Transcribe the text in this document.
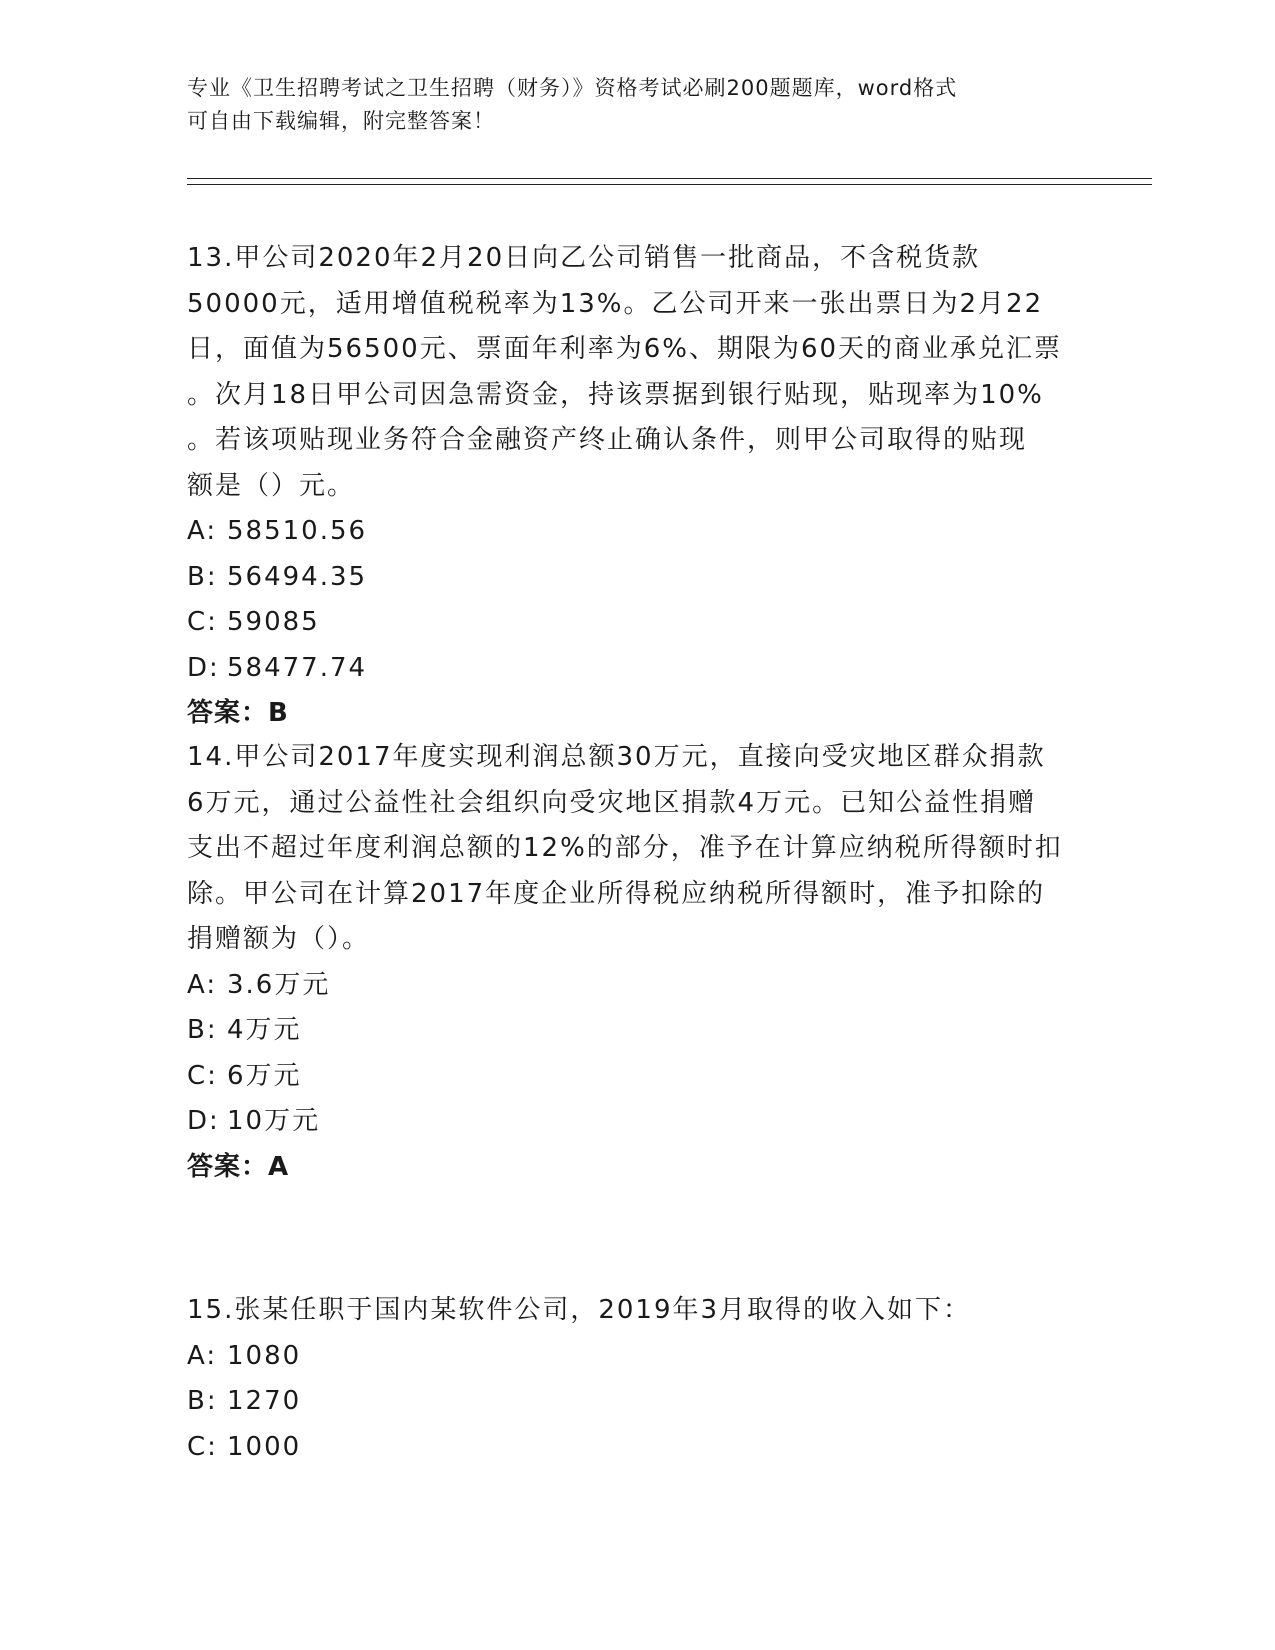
专业《卫生招聘考试之卫生招聘（财务）》资格考试必刷200题题库，word格式
可自由下载编辑，附完整答案！
13.甲公司2020年2月20日向乙公司销售一批商品，不含税货款
50000元，适用增值税税率为13%。乙公司开来一张出票日为2月22
日，面值为56500元、票面年利率为6%、期限为60天的商业承兑汇票
。次月18日甲公司因急需资金，持该票据到银行贴现，贴现率为10%
。若该项贴现业务符合金融资产终止确认条件，则甲公司取得的贴现
额是（）元。
A: 58510.56
B: 56494.35
C: 59085
D: 58477.74
答案：B
14.甲公司2017年度实现利润总额30万元，直接向受灾地区群众捐款
6万元，通过公益性社会组织向受灾地区捐款4万元。已知公益性捐赠
支出不超过年度利润总额的12%的部分，准予在计算应纳税所得额时扣
除。甲公司在计算2017年度企业所得税应纳税所得额时，准予扣除的
捐赠额为（）。
A: 3.6万元
B: 4万元
C: 6万元
D: 10万元
答案：A
15.张某任职于国内某软件公司，2019年3月取得的收入如下：
A: 1080
B: 1270
C: 1000
